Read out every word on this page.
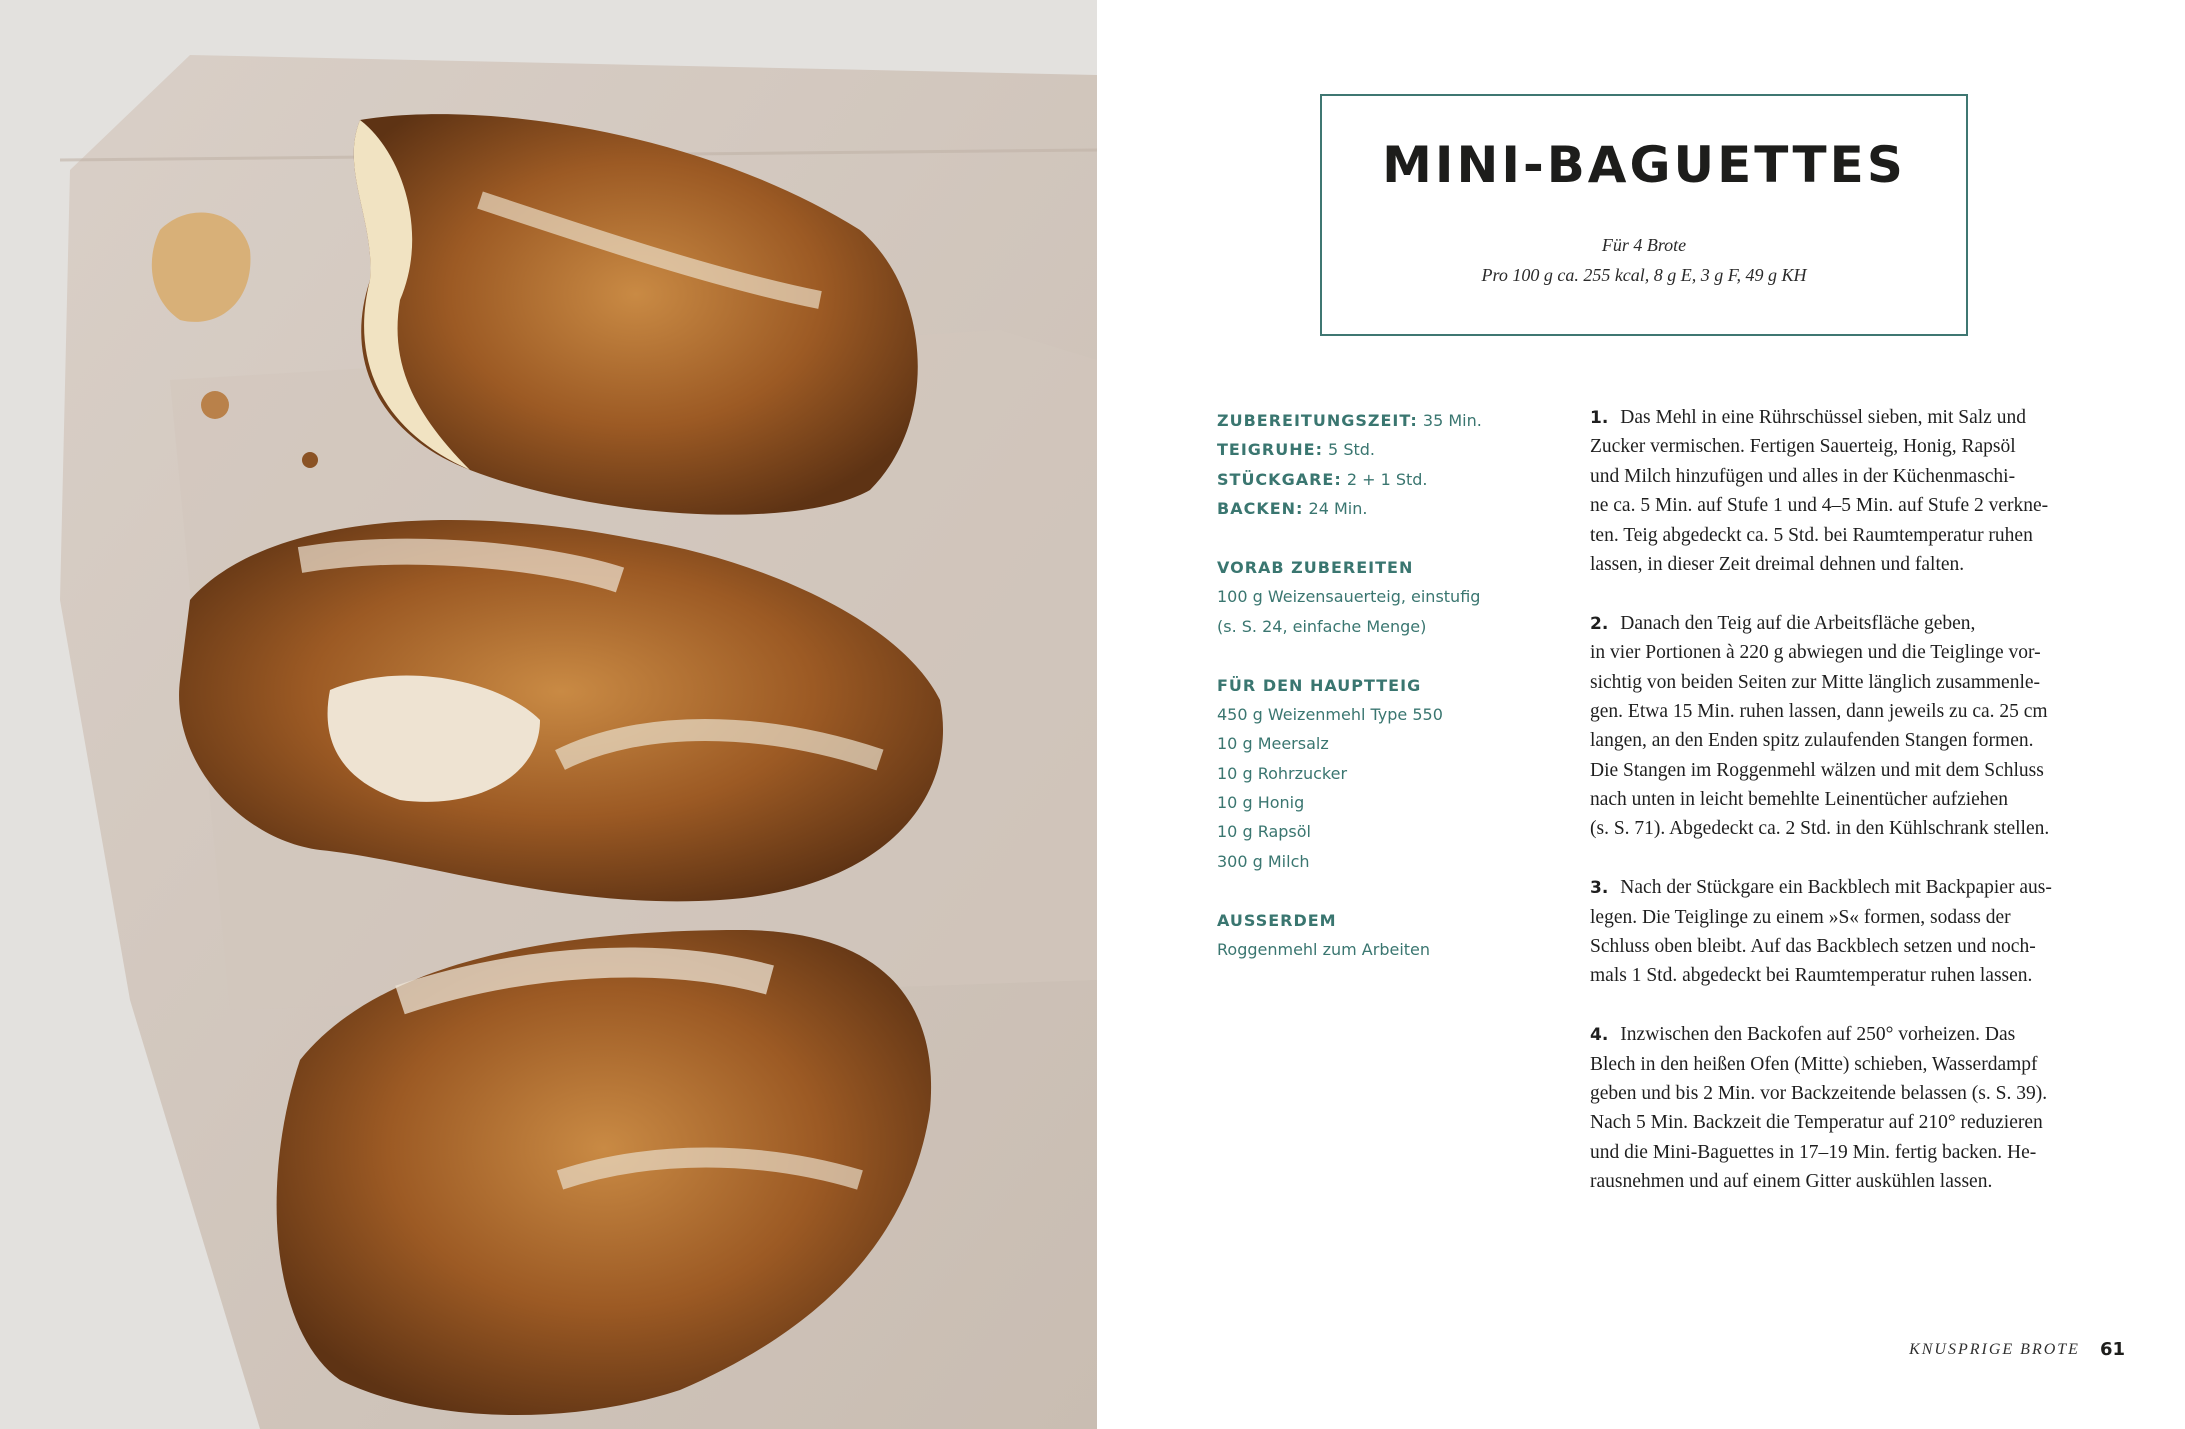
MINI-BAGUETTES
Für 4 Brote
Pro 100 g ca. 255 kcal, 8 g E, 3 g F, 49 g KH
ZUBEREITUNGSZEIT: 35 Min.
TEIGRUHE: 5 Std.
STÜCKGARE: 2 + 1 Std.
BACKEN: 24 Min.
VORAB ZUBEREITEN
100 g Weizensauerteig, einstufig
(s. S. 24, einfache Menge)
FÜR DEN HAUPTTEIG
450 g Weizenmehl Type 550
10 g Meersalz
10 g Rohrzucker
10 g Honig
10 g Rapsöl
300 g Milch
AUSSERDEM
Roggenmehl zum Arbeiten
1. Das Mehl in eine Rührschüssel sieben, mit Salz und
Zucker vermischen. Fertigen Sauerteig, Honig, Rapsöl
und Milch hinzufügen und alles in der Küchenmaschi-
ne ca. 5 Min. auf Stufe 1 und 4–5 Min. auf Stufe 2 verkne-
ten. Teig abgedeckt ca. 5 Std. bei Raumtemperatur ruhen
lassen, in dieser Zeit dreimal dehnen und falten.
2. Danach den Teig auf die Arbeitsfläche geben,
in vier Portionen à 220 g abwiegen und die Teiglinge vor-
sichtig von beiden Seiten zur Mitte länglich zusammenle-
gen. Etwa 15 Min. ruhen lassen, dann jeweils zu ca. 25 cm
langen, an den Enden spitz zulaufenden Stangen formen.
Die Stangen im Roggenmehl wälzen und mit dem Schluss
nach unten in leicht bemehlte Leinentücher aufziehen
(s. S. 71). Abgedeckt ca. 2 Std. in den Kühlschrank stellen.
3. Nach der Stückgare ein Backblech mit Backpapier aus-
legen. Die Teiglinge zu einem »S« formen, sodass der
Schluss oben bleibt. Auf das Backblech setzen und noch-
mals 1 Std. abgedeckt bei Raumtemperatur ruhen lassen.
4. Inzwischen den Backofen auf 250° vorheizen. Das
Blech in den heißen Ofen (Mitte) schieben, Wasserdampf
geben und bis 2 Min. vor Backzeitende belassen (s. S. 39).
Nach 5 Min. Backzeit die Temperatur auf 210° reduzieren
und die Mini-Baguettes in 17–19 Min. fertig backen. He-
rausnehmen und auf einem Gitter auskühlen lassen.
KNUSPRIGE BROTE 61
